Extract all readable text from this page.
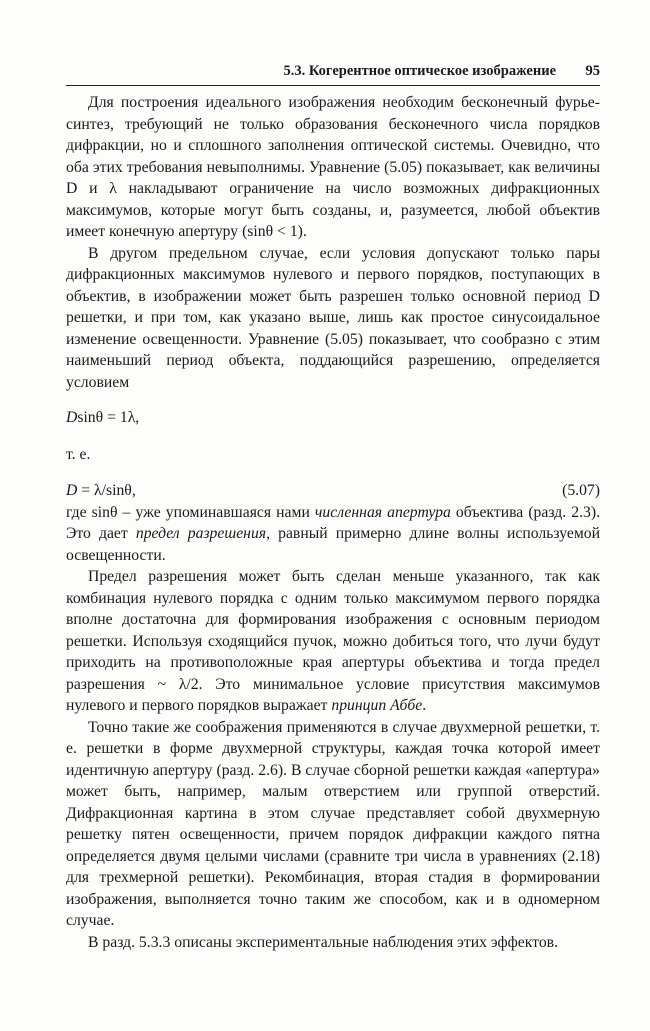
5.3. Когерентное оптическое изображение 95

Для построения идеального изображения необходим бесконечный фурье-синтез, требующий не только образования бесконечного числа порядков дифракции, но и сплошного заполнения оптической системы. Очевидно, что оба этих требования невыполнимы. Уравнение (5.05) показывает, как величины D и λ накладывают ограничение на число возможных дифракционных максимумов, которые могут быть созданы, и, разумеется, любой объектив имеет конечную апертуру (sinθ < 1).

В другом предельном случае, если условия допускают только пары дифракционных максимумов нулевого и первого порядков, поступающих в объектив, в изображении может быть разрешен только основной период D решетки, и при том, как указано выше, лишь как простое синусоидальное изменение освещенности. Уравнение (5.05) показывает, что сообразно с этим наименьший период объекта, поддающийся разрешению, определяется условием

Dsinθ = 1λ,
т. е.
D = λ/sinθ,	(5.07)

где sinθ – уже упоминавшаяся нами численная апертура объектива (разд. 2.3). Это дает предел разрешения, равный примерно длине волны используемой освещенности.

Предел разрешения может быть сделан меньше указанного, так как комбинация нулевого порядка с одним только максимумом первого порядка вполне достаточна для формирования изображения с основным периодом решетки. Используя сходящийся пучок, можно добиться того, что лучи будут приходить на противоположные края апертуры объектива и тогда предел разрешения ~ λ/2. Это минимальное условие присутствия максимумов нулевого и первого порядков выражает принцип Аббе.

Точно такие же соображения применяются в случае двухмерной решетки, т. е. решетки в форме двухмерной структуры, каждая точка которой имеет идентичную апертуру (разд. 2.6). В случае сборной решетки каждая «апертура» может быть, например, малым отверстием или группой отверстий. Дифракционная картина в этом случае представляет собой двухмерную решетку пятен освещенности, причем порядок дифракции каждого пятна определяется двумя целыми числами (сравните три числа в уравнениях (2.18) для трехмерной решетки). Рекомбинация, вторая стадия в формировании изображения, выполняется точно таким же способом, как и в одномерном случае.

В разд. 5.3.3 описаны экспериментальные наблюдения этих эффектов.
